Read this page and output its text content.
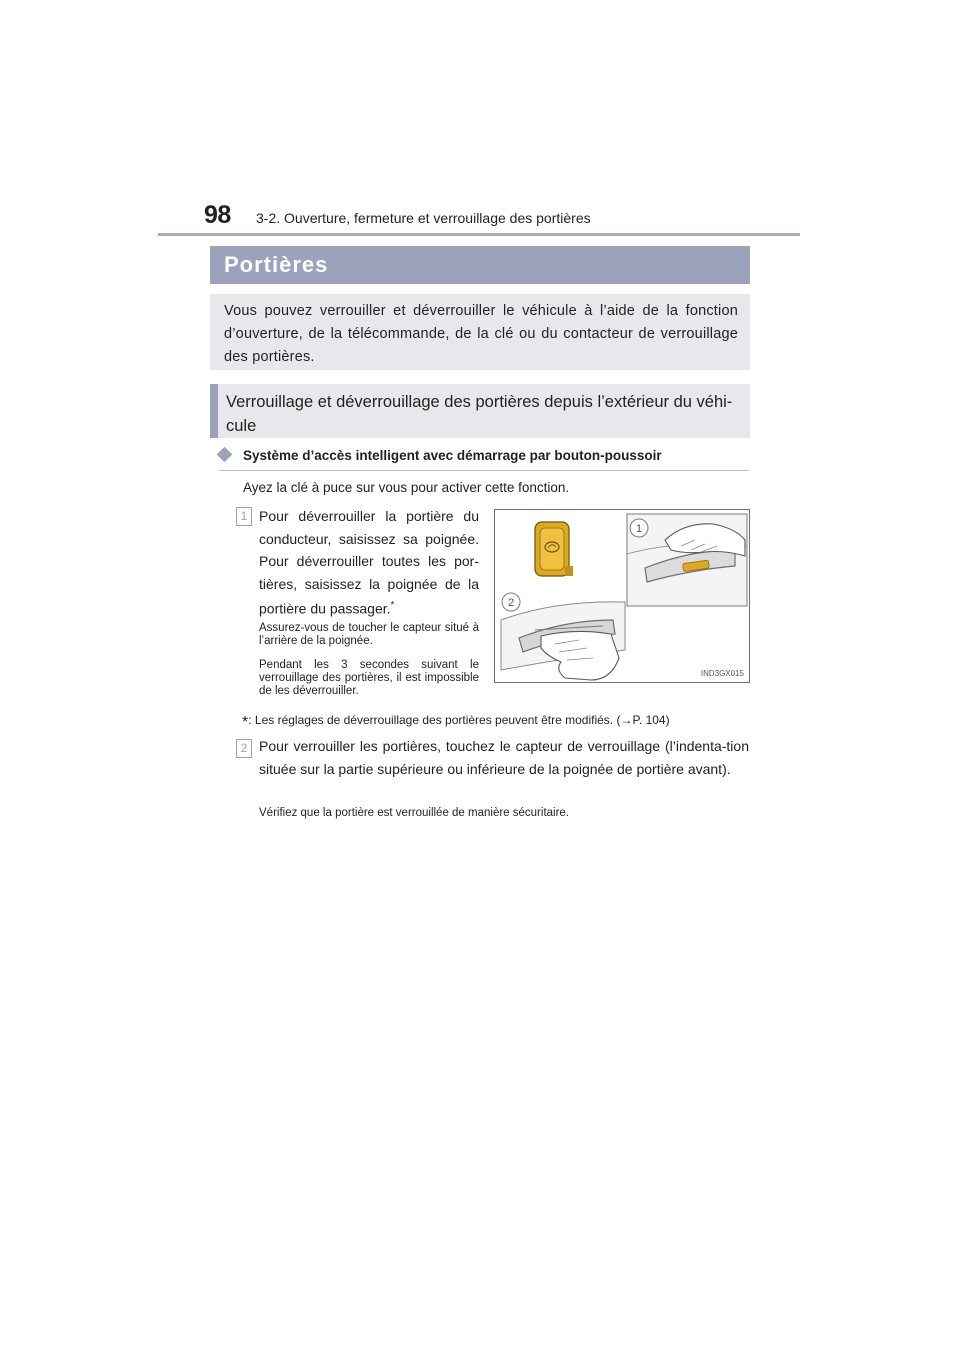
98 3-2. Ouverture, fermeture et verrouillage des portières
Portières

Vous pouvez verrouiller et déverrouiller le véhicule à l’aide de la fonction d’ouverture, de la télécommande, de la clé ou du contacteur de verrouillage des portières.

Verrouillage et déverrouillage des portières depuis l’extérieur du véhi-cule
Système d’accès intelligent avec démarrage par bouton-poussoir
Ayez la clé à puce sur vous pour activer cette fonction.
1 Pour déverrouiller la portière du conducteur, saisissez sa poignée. Pour déverrouiller toutes les por-tières, saisissez la poignée de la portière du passager.*
Assurez-vous de toucher le capteur situé à l’arrière de la poignée.
Pendant les 3 secondes suivant le verrouillage des portières, il est impossible de les déverrouiller.
1
2
IND3GX015
*: Les réglages de déverrouillage des portières peuvent être modifiés. (→P. 104)
2 Pour verrouiller les portières, touchez le capteur de verrouillage (l’indenta-tion située sur la partie supérieure ou inférieure de la poignée de portière avant).
Vérifiez que la portière est verrouillée de manière sécuritaire.
